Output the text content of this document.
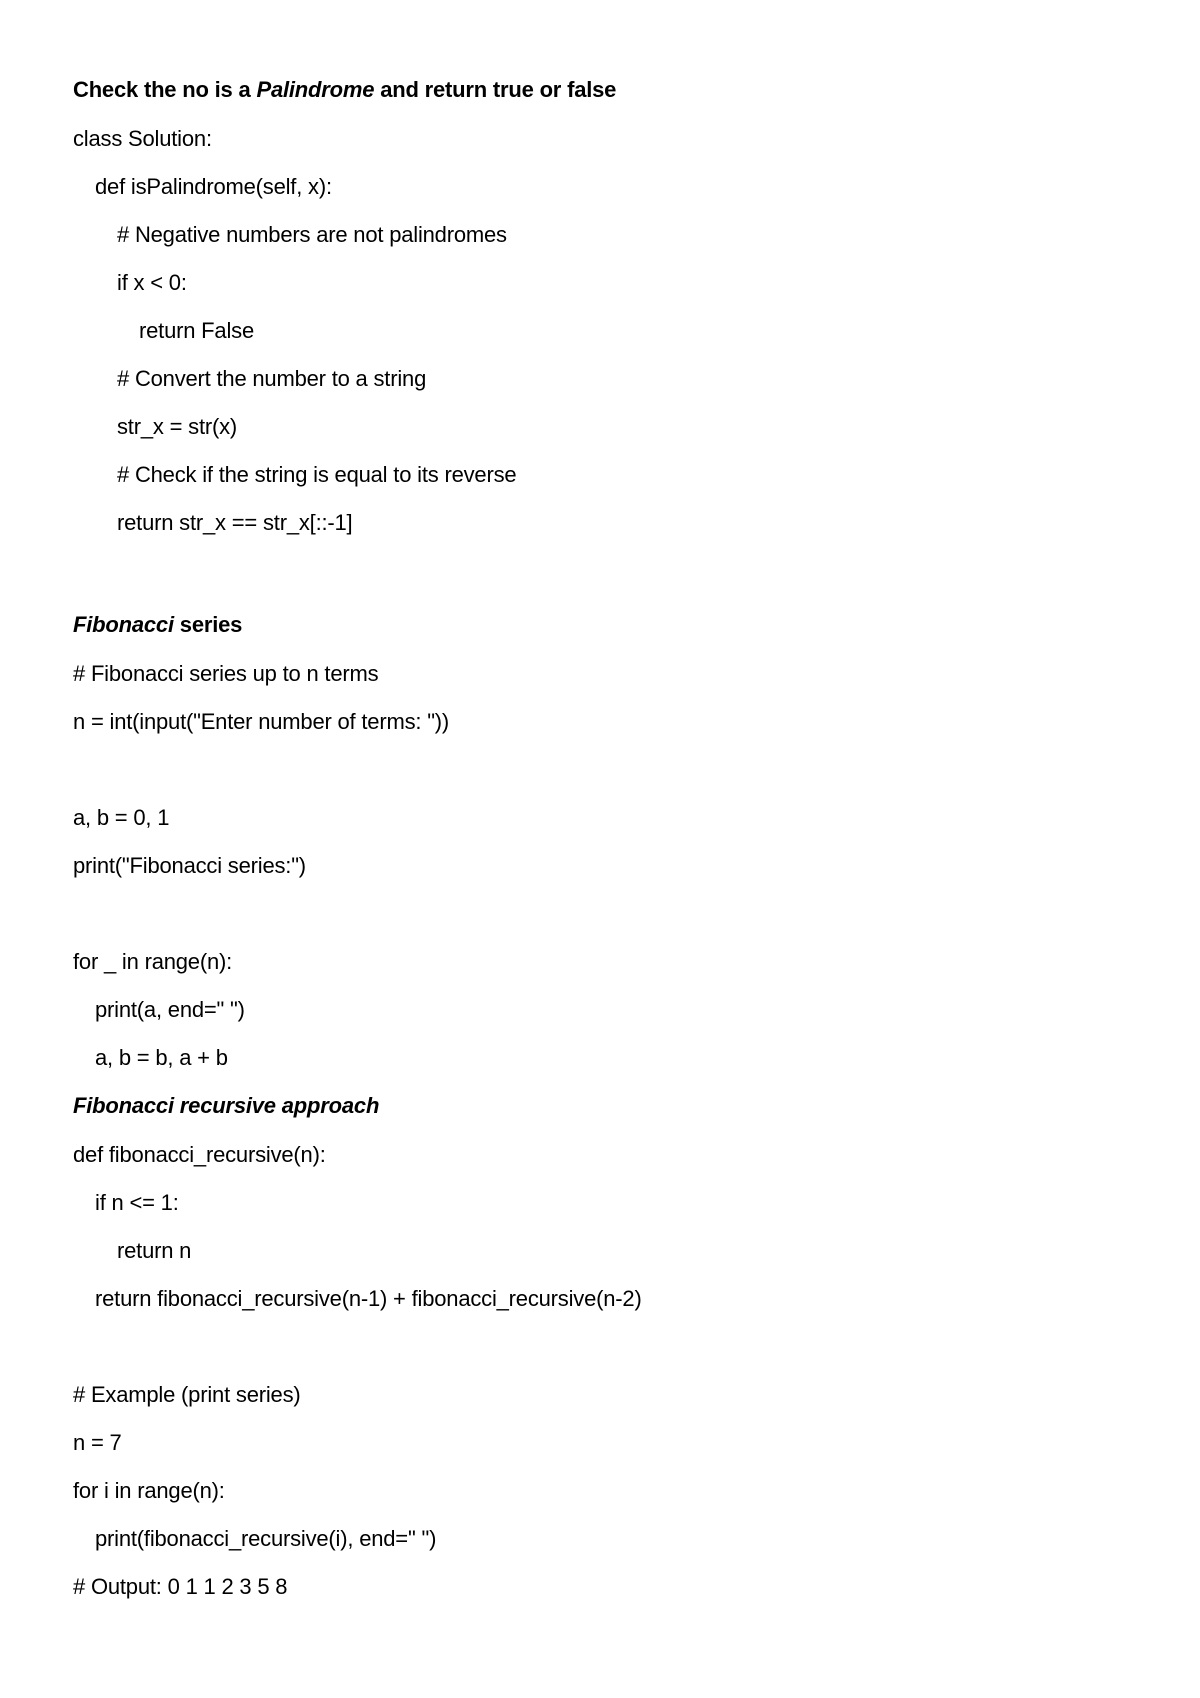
Check the no is a Palindrome and return true or false
class Solution:
def isPalindrome(self, x):
# Negative numbers are not palindromes
if x < 0:
return False
# Convert the number to a string
str_x = str(x)
# Check if the string is equal to its reverse
return str_x == str_x[::-1]
Fibonacci series
# Fibonacci series up to n terms
n = int(input("Enter number of terms: "))
a, b = 0, 1
print("Fibonacci series:")
for _ in range(n):
print(a, end=" ")
a, b = b, a + b
Fibonacci recursive approach
def fibonacci_recursive(n):
if n <= 1:
return n
return fibonacci_recursive(n-1) + fibonacci_recursive(n-2)
# Example (print series)
n = 7
for i in range(n):
print(fibonacci_recursive(i), end=" ")
# Output: 0 1 1 2 3 5 8
